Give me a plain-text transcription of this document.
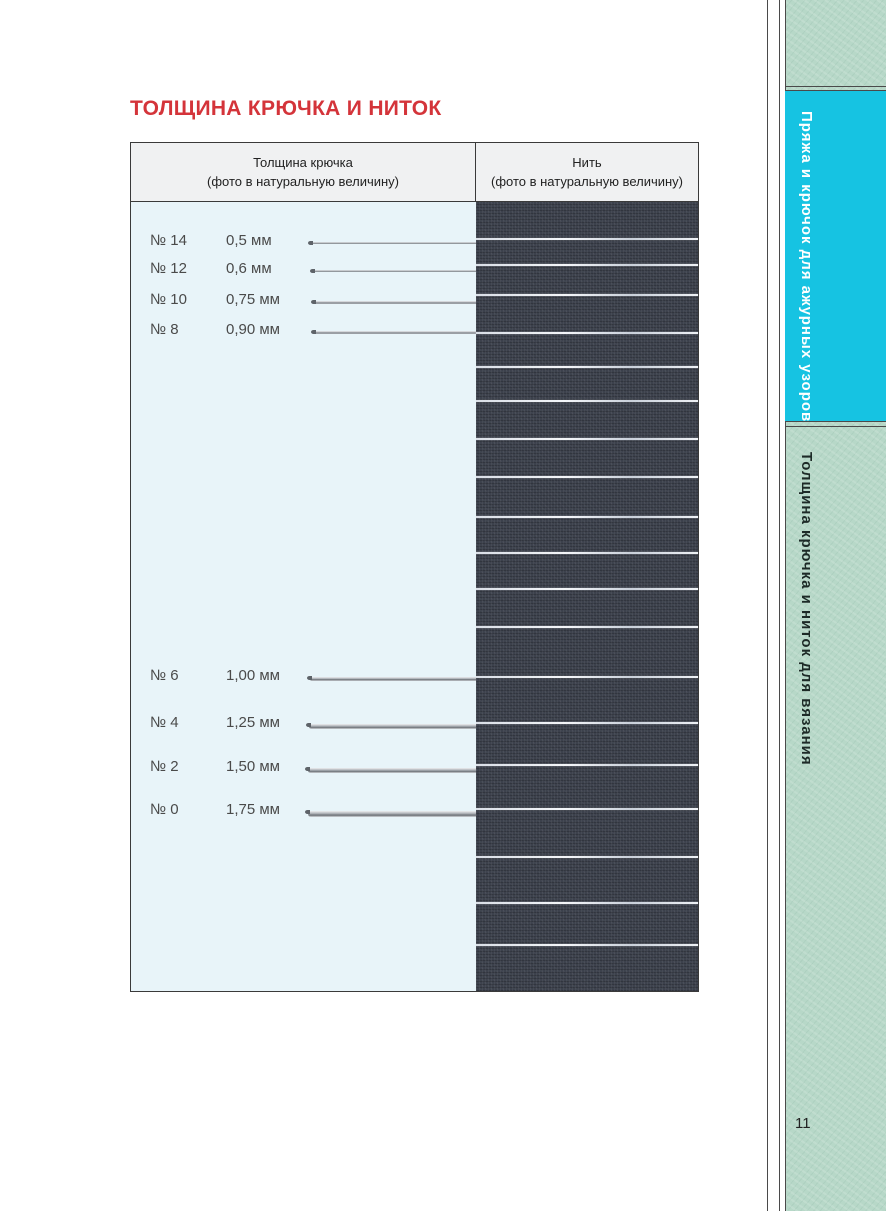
ТОЛЩИНА КРЮЧКА И НИТОК
Толщина крючка
(фото в натуральную величину)
Нить
(фото в натуральную величину)
№ 14	0,5 мм
№ 12	0,6 мм
№ 10	0,75 мм
№ 8	0,90 мм
№ 6	1,00 мм
№ 4	1,25 мм
№ 2	1,50 мм
№ 0	1,75 мм
Пряжа и крючок для ажурных узоров
Толщина крючка и ниток для вязания
11
